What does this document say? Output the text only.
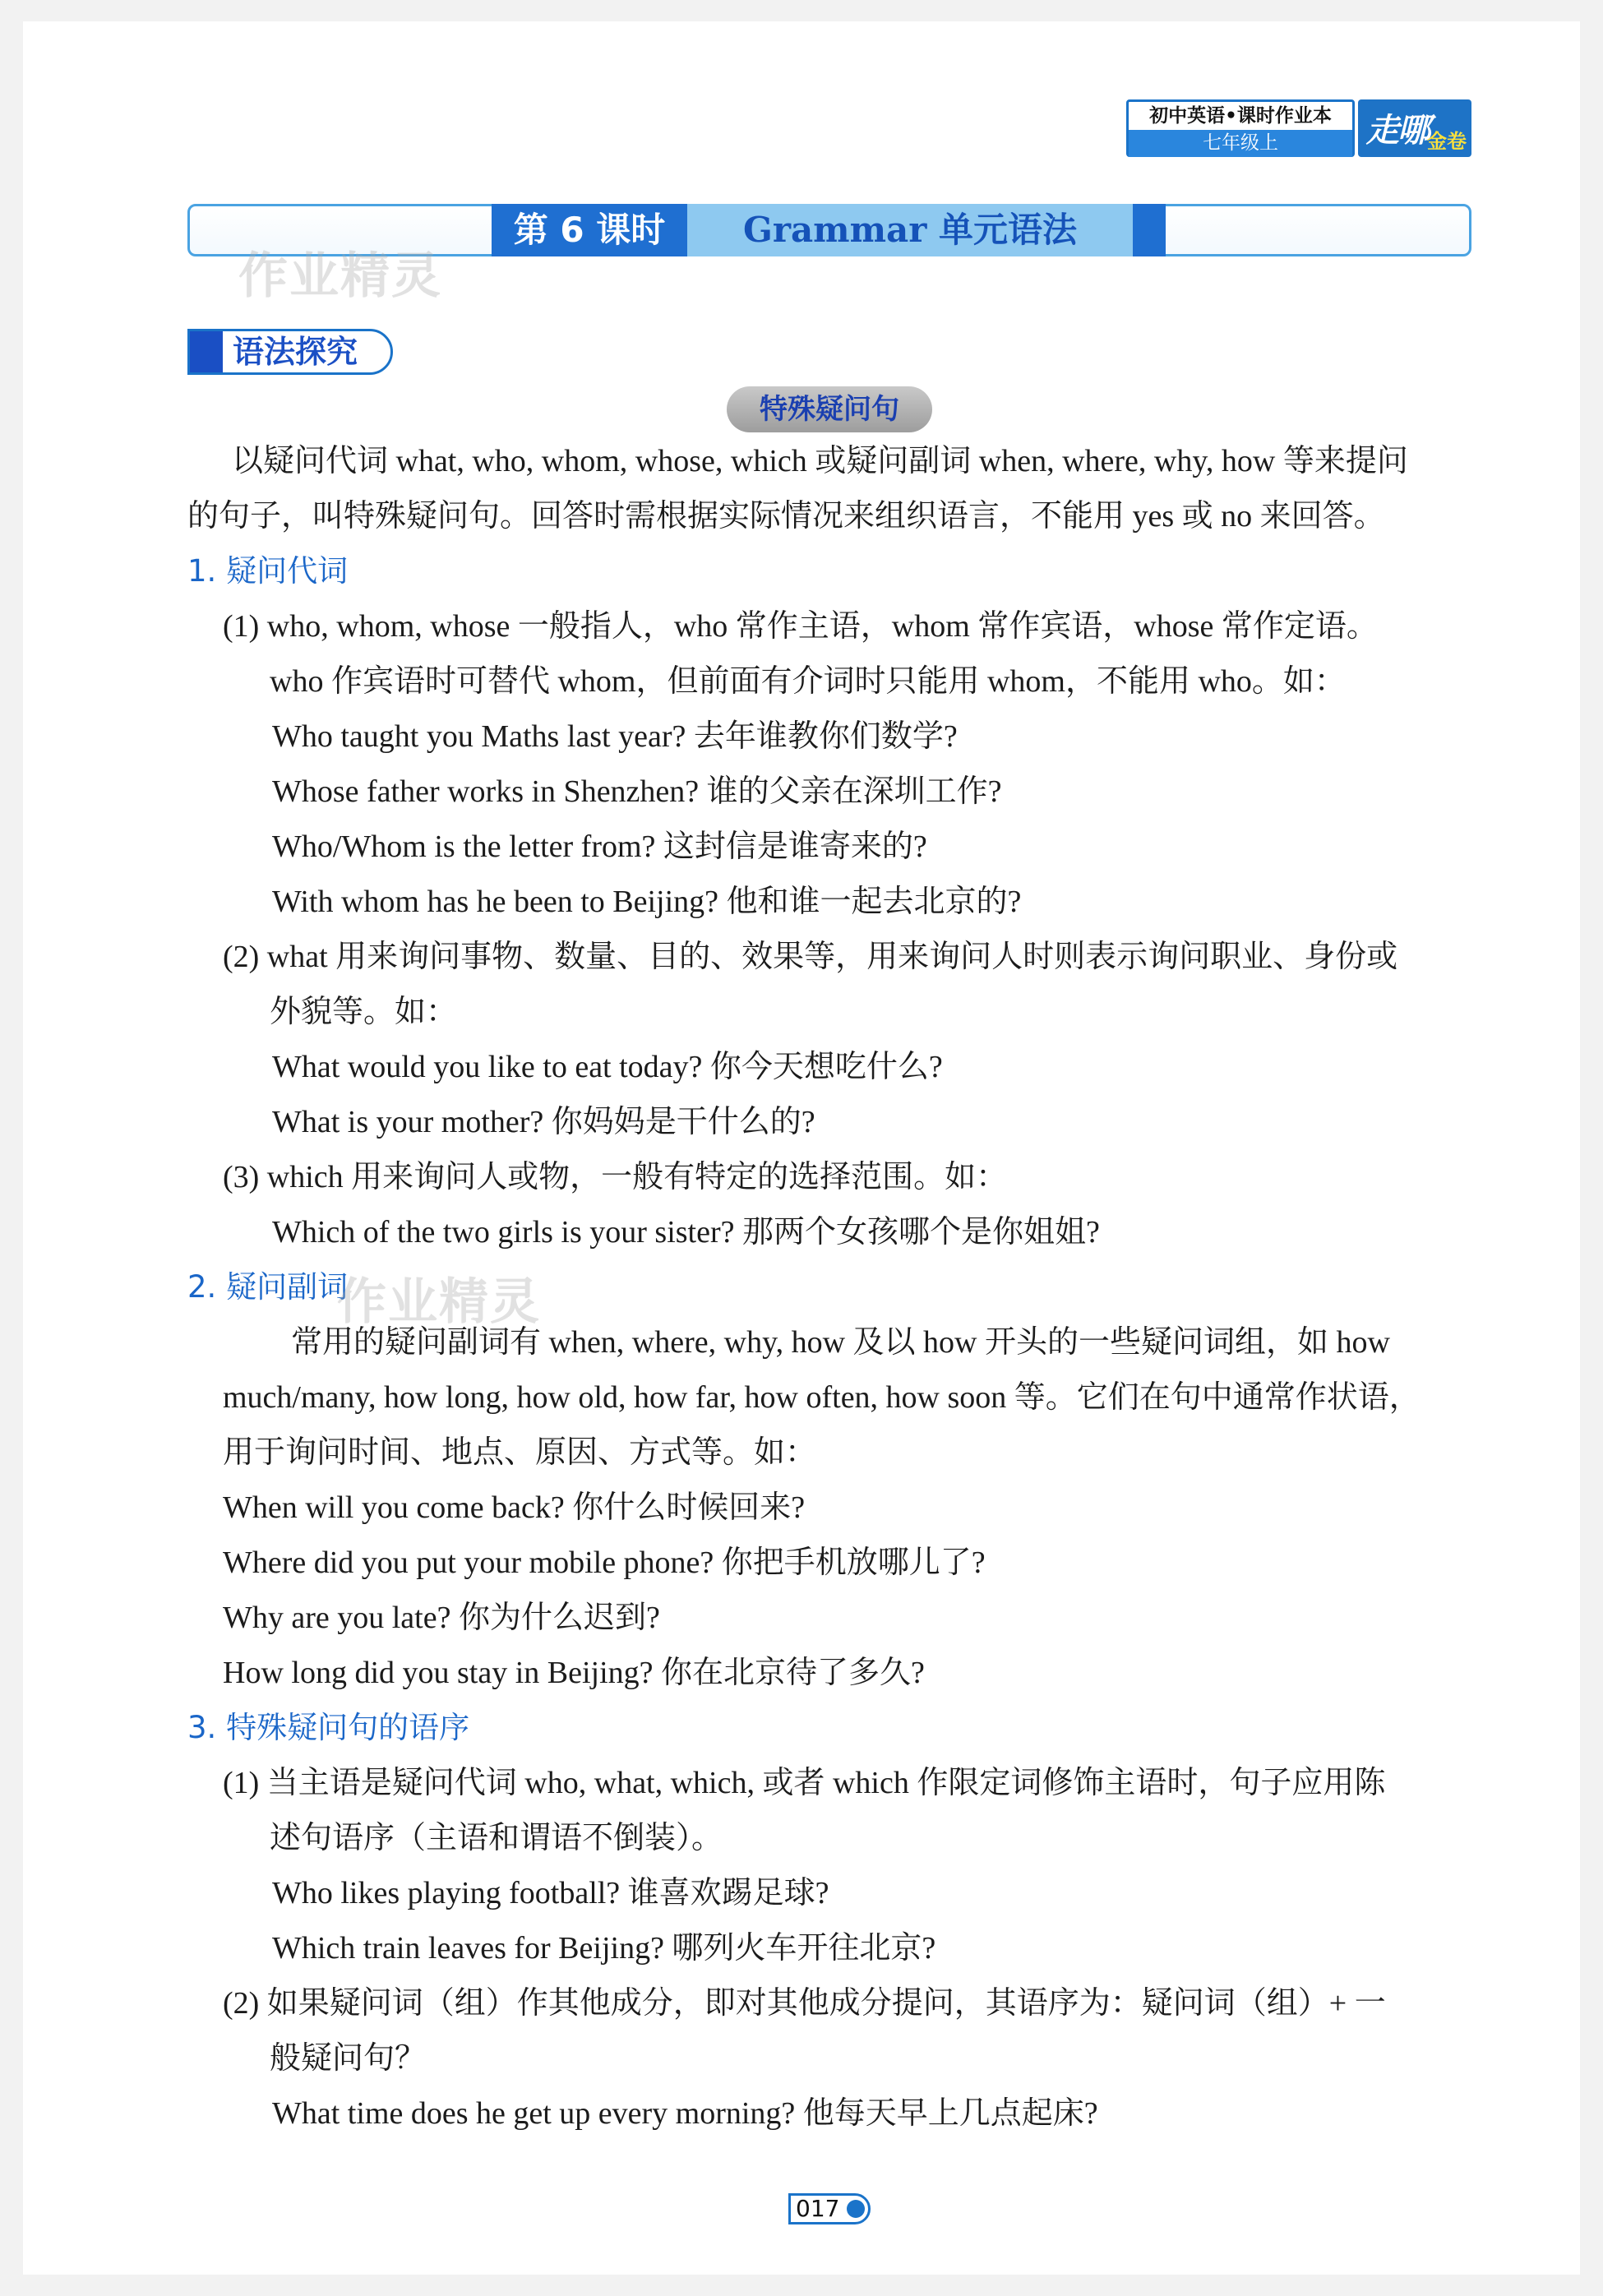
初中英语•课时作业本
七年级上	走哪
金卷
第 6 课时	Grammar 单元语法
作业精灵
语法探究
特殊疑问句
以疑问代词 what, who, whom, whose, which 或疑问副词 when, where, why, how 等来提问
的句子，叫特殊疑问句。回答时需根据实际情况来组织语言，不能用 yes 或 no 来回答。
1. 疑问代词
(1) who, whom, whose 一般指人，who 常作主语，whom 常作宾语，whose 常作定语。
who 作宾语时可替代 whom，但前面有介词时只能用 whom，不能用 who。如：
Who taught you Maths last year? 去年谁教你们数学?
Whose father works in Shenzhen? 谁的父亲在深圳工作?
Who/Whom is the letter from? 这封信是谁寄来的?
With whom has he been to Beijing? 他和谁一起去北京的?
(2) what 用来询问事物、数量、目的、效果等，用来询问人时则表示询问职业、身份或
外貌等。如：
What would you like to eat today? 你今天想吃什么?
What is your mother? 你妈妈是干什么的?
(3) which 用来询问人或物，一般有特定的选择范围。如：
Which of the two girls is your sister? 那两个女孩哪个是你姐姐?
2. 疑问副词
作业精灵
常用的疑问副词有 when, where, why, how 及以 how 开头的一些疑问词组，如 how
much/many, how long, how old, how far, how often, how soon 等。它们在句中通常作状语，
用于询问时间、地点、原因、方式等。如：
When will you come back? 你什么时候回来?
Where did you put your mobile phone? 你把手机放哪儿了?
Why are you late? 你为什么迟到?
How long did you stay in Beijing? 你在北京待了多久?
3. 特殊疑问句的语序
(1) 当主语是疑问代词 who, what, which, 或者 which 作限定词修饰主语时，句子应用陈
述句语序（主语和谓语不倒装）。
Who likes playing football? 谁喜欢踢足球?
Which train leaves for Beijing? 哪列火车开往北京?
(2) 如果疑问词（组）作其他成分，即对其他成分提问，其语序为：疑问词（组）+ 一
般疑问句？
What time does he get up every morning? 他每天早上几点起床?
017
